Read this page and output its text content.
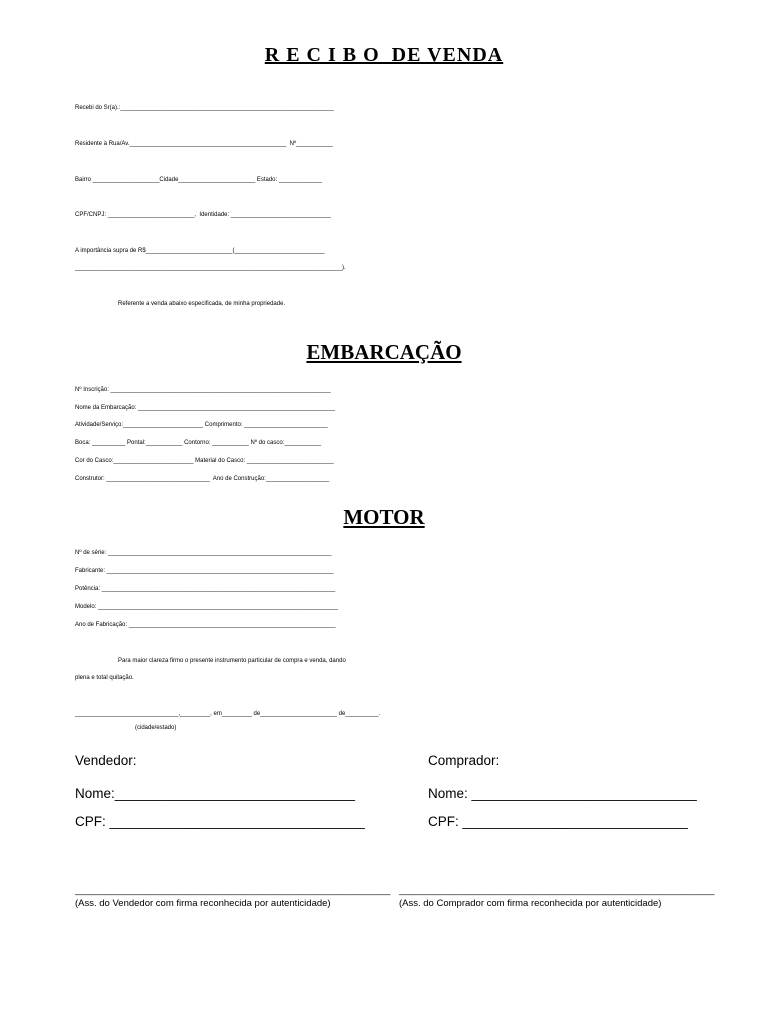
R E C I B O  DE VENDA
Recebi do Sr(a).:________________________________________________________________
Residente à Rua/Av._______________________________________________  Nº___________
Bairro ____________________Cidade_______________________ Estado: _____________
CPF/CNPJ: __________________________,  Identidade: ______________________________
A importância supra de R$__________________________(___________________________
________________________________________________________________________________).
Referente a venda abaixo especificada, de minha propriedade.
EMBARCAÇÃO
Nº Inscrição: __________________________________________________________________
Nome da Embarcação: ___________________________________________________________
Atividade/Serviço:________________________ Comprimento: _________________________
Boca: __________ Pontal:___________ Contorno: ___________ Nº do casco:___________
Cor do Casco:________________________ Material do Casco: __________________________
Construtor: _______________________________  Ano de Construção:___________________
MOTOR
Nº de série: ___________________________________________________________________
Fabricante: ____________________________________________________________________
Potência: ______________________________________________________________________
Modelo: ________________________________________________________________________
Ano de Fabricação: ______________________________________________________________
Para maior clareza firmo o presente instrumento particular de compra e venda, dando
plena e total quitação.
_______________________________,_________, em_________ de_______________________ de__________.
(cidade/estado)
Vendedor:	Comprador:
Nome:________________________________	Nome: ______________________________
CPF: __________________________________	CPF: ______________________________
_______________________________________________________________ _______________________________________________________________
(Ass. do Vendedor com firma reconhecida por autenticidade)	(Ass. do Comprador com firma reconhecida por autenticidade)
